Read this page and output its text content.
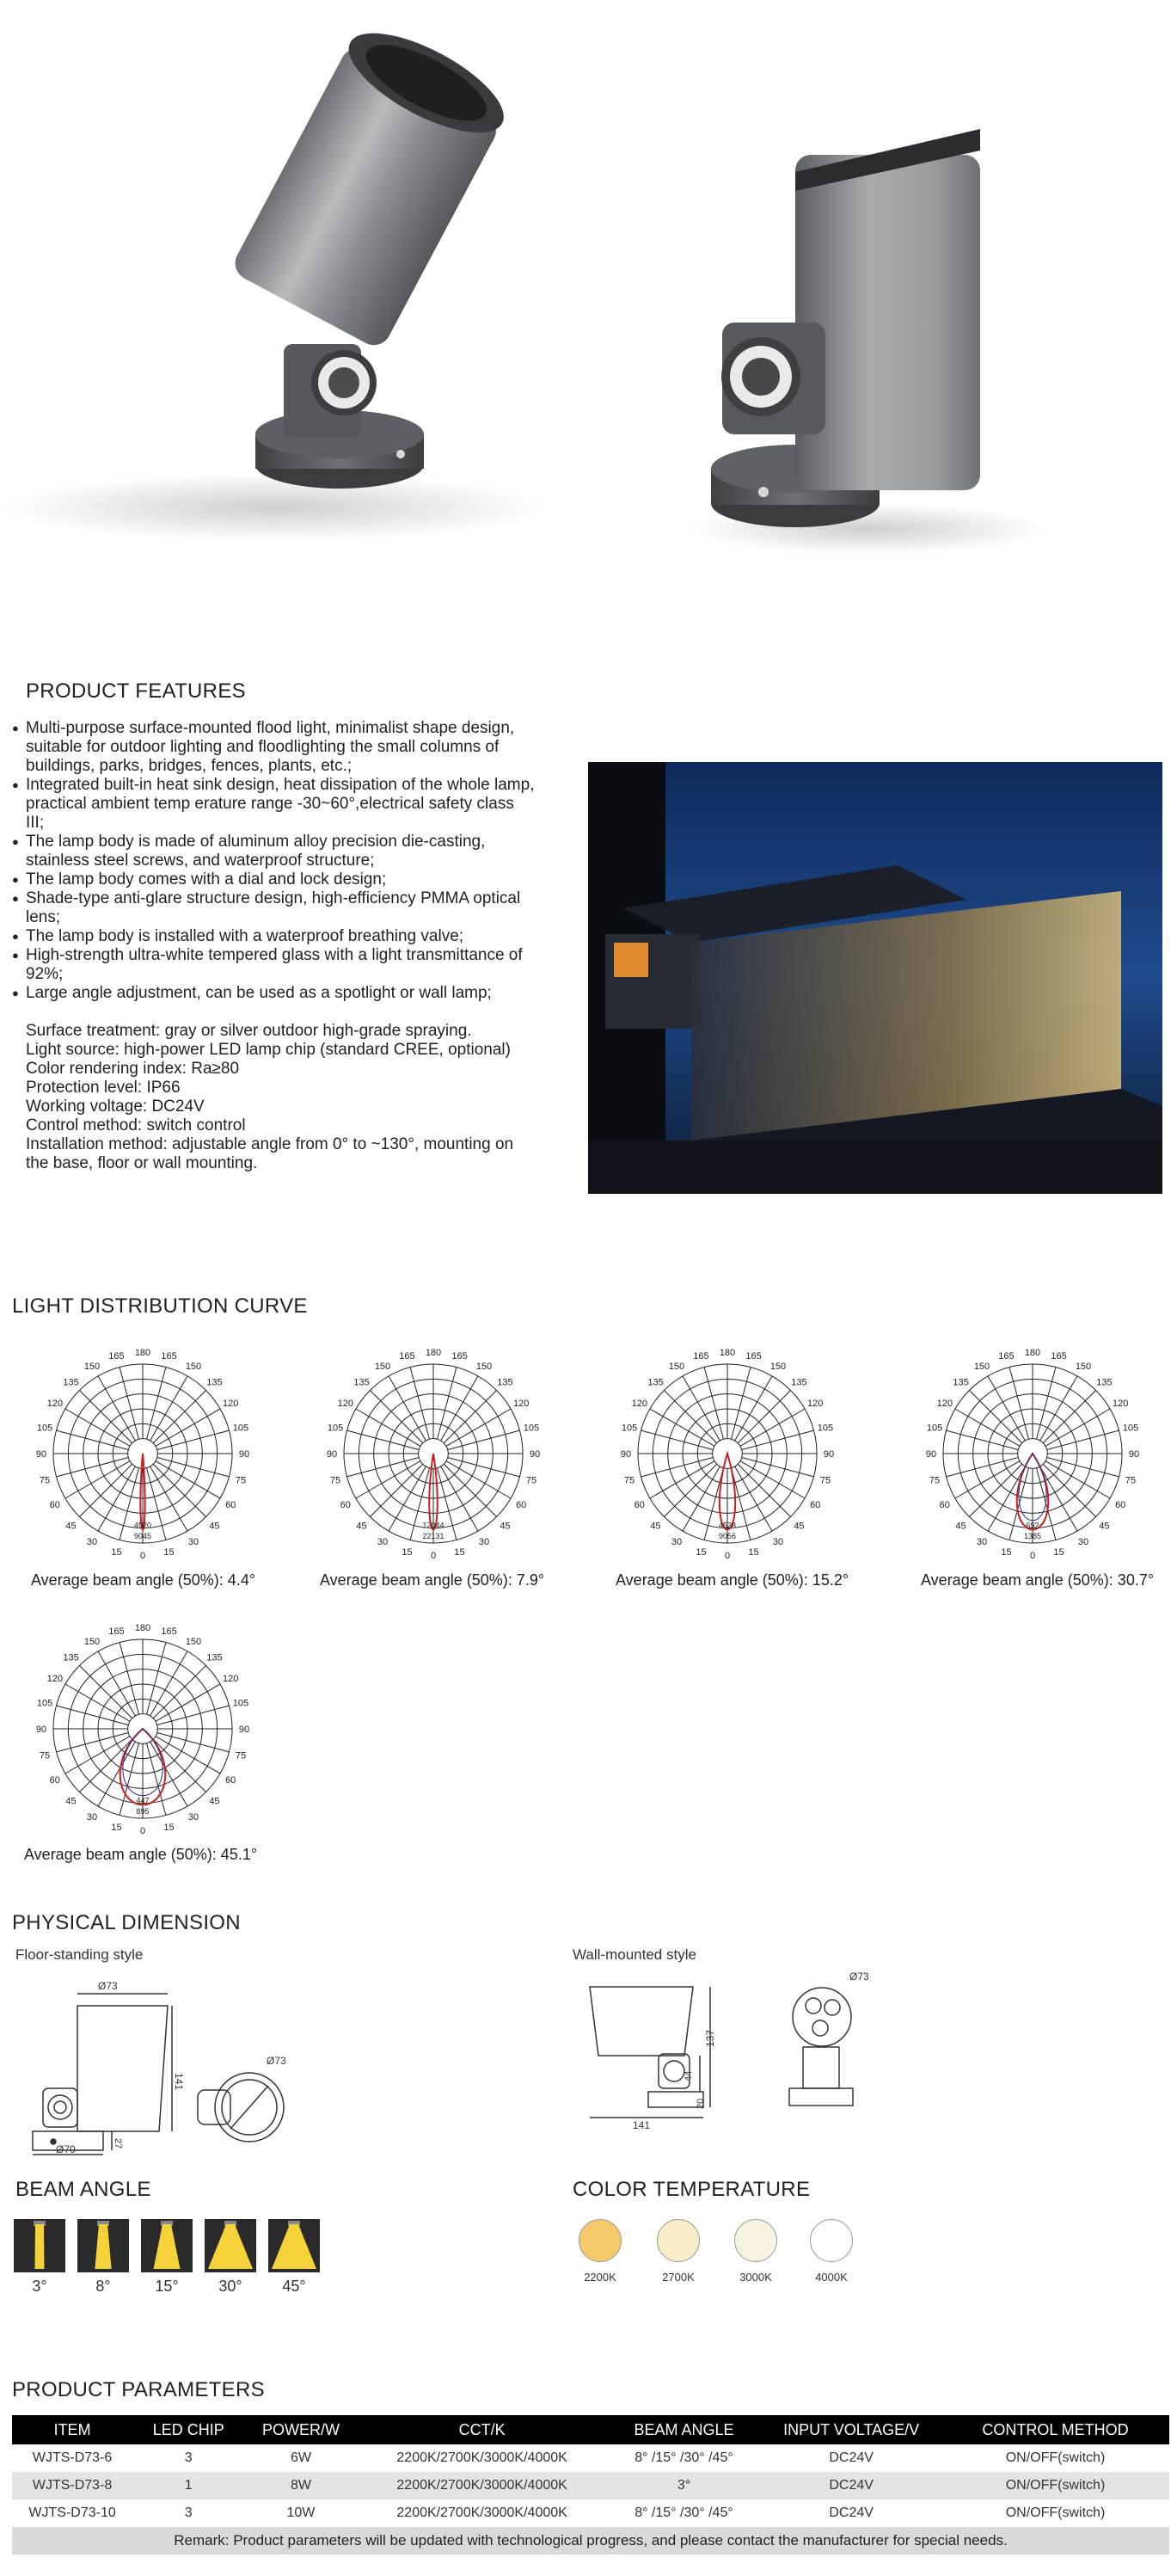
PRODUCT FEATURES
● Multi-purpose surface-mounted flood light, minimalist shape design, suitable for outdoor lighting and floodlighting the small columns of buildings, parks, bridges, fences, plants, etc.;
● Integrated built-in heat sink design, heat dissipation of the whole lamp, practical ambient temp erature range -30~60°,electrical safety class III;
● The lamp body is made of aluminum alloy precision die-casting, stainless steel screws, and waterproof structure;
● The lamp body comes with a dial and lock design;
● Shade-type anti-glare structure design, high-efficiency PMMA optical lens;
● The lamp body is installed with a waterproof breathing valve;
● High-strength ultra-white tempered glass with a light transmittance of 92%;
● Large angle adjustment, can be used as a spotlight or wall lamp;

Surface treatment: gray or silver outdoor high-grade spraying.

Light source: high-power LED lamp chip (standard CREE, optional)

Color rendering index: Ra≥80

Protection level: IP66

Working voltage: DC24V

Control method: switch control

Installation method: adjustable angle from 0° to ~130°, mounting on the base, floor or wall mounting.

LIGHT DISTRIBUTION CURVE
180 165
150
135
120
105
90
75
60
45
30
15
0
15
30
45
60
75
90
105
120
135
150
165
9045
4520
180 165
150
135
120
105
90
75
60
45
30
15
0
15
30
45
60
75
90
105
120
135
150
165
22131
12044
180 165
150
135
120
105
90
75
60
45
30
15
0
15
30
45
60
75
90
105
120
135
150
165
9056
4528
180 165
150
135
120
105
90
75
60
45
30
15
0
15
30
45
60
75
90
105
120
135
150
165
1385
692
180 165
150
135
120
105
90
75
60
45
30
15
0
15
30
45
60
75
90
105
120
135
150
165
895
447
Average beam angle (50%): 4.4°	Average beam angle (50%): 7.9°	Average beam angle (50%): 15.2°	Average beam angle (50%): 30.7°
Average beam angle (50%): 45.1°
PHYSICAL DIMENSION
Floor-standing style	Wall-mounted style
Ø73
141
27
Ø70
Ø73
Ø73
137
44
20
141
BEAM ANGLE
3°	8°	15°	30°	45°
COLOR TEMPERATURE
2200K	2700K	3000K	4000K
PRODUCT PARAMETERS
ITEM	LED CHIP	POWER/W	CCT/K	BEAM ANGLE	INPUT VOLTAGE/V	CONTROL METHOD
WJTS-D73-6	3	6W	2200K/2700K/3000K/4000K	8° /15° /30° /45°	DC24V	ON/OFF(switch)
WJTS-D73-8	1	8W	2200K/2700K/3000K/4000K	3°	DC24V	ON/OFF(switch)
WJTS-D73-10	3	10W	2200K/2700K/3000K/4000K	8° /15° /30° /45°	DC24V	ON/OFF(switch)
Remark: Product parameters will be updated with technological progress, and please contact the manufacturer for special needs.
